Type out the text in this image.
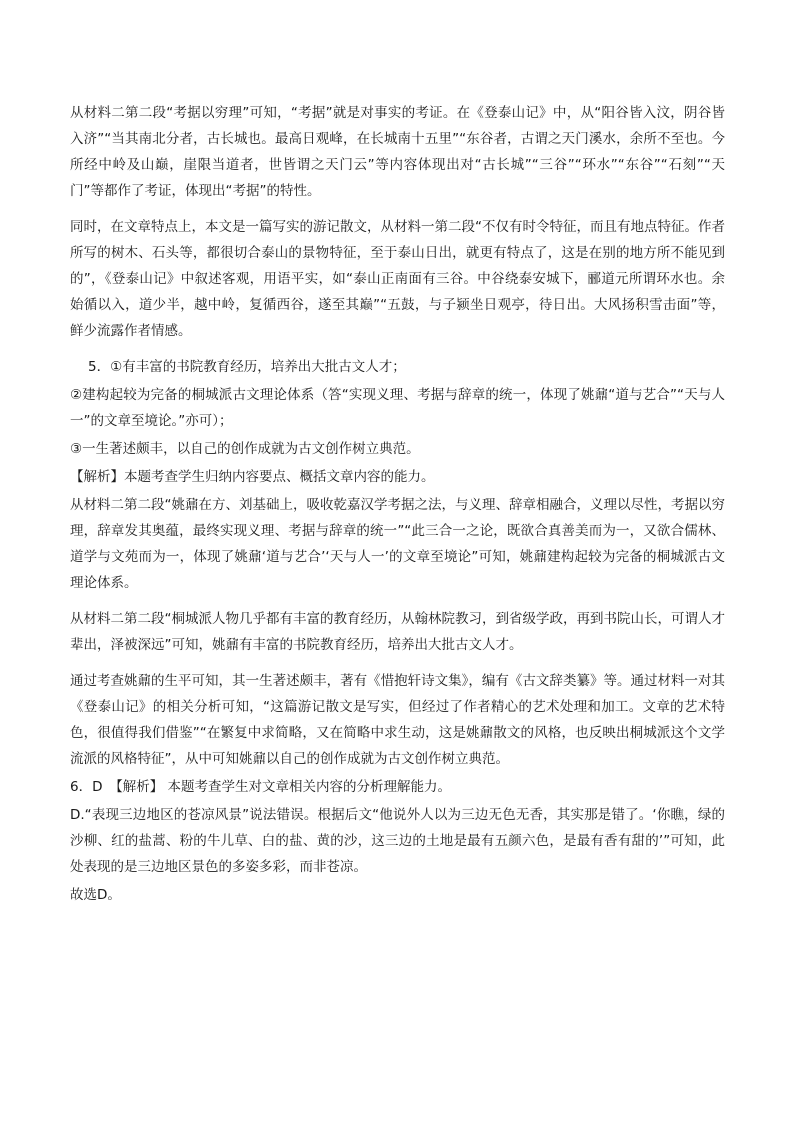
从材料二第二段“考据以穷理”可知，“考据”就是对事实的考证。在《登泰山记》中，从“阳谷皆入汶，阴谷皆入济”“当其南北分者，古长城也。最高日观峰，在长城南十五里”“东谷者，古谓之天门溪水，余所不至也。今所经中岭及山巅，崖限当道者，世皆谓之天门云”等内容体现出对“古长城”“三谷”“环水”“东谷”“石刻”“天门”等都作了考证，体现出“考据”的特性。

同时，在文章特点上，本文是一篇写实的游记散文，从材料一第二段“不仅有时令特征，而且有地点特征。作者所写的树木、石头等，都很切合泰山的景物特征，至于泰山日出，就更有特点了，这是在别的地方所不能见到的”，《登泰山记》中叙述客观，用语平实，如“泰山正南面有三谷。中谷绕泰安城下，郦道元所谓环水也。余始循以入，道少半，越中岭，复循西谷，遂至其巅”“五鼓，与子颍坐日观亭，待日出。大风扬积雪击面”等，鲜少流露作者情感。

5．①有丰富的书院教育经历，培养出大批古文人才；

②建构起较为完备的桐城派古文理论体系（答“实现义理、考据与辞章的统一，体现了姚鼐“道与艺合”“天与人一”的文章至境论。”亦可）；

③一生著述颇丰，以自己的创作成就为古文创作树立典范。

【解析】本题考查学生归纳内容要点、概括文章内容的能力。

从材料二第二段“姚鼐在方、刘基础上，吸收乾嘉汉学考据之法，与义理、辞章相融合，义理以尽性，考据以穷理，辞章发其奥蕴，最终实现义理、考据与辞章的统一”“此三合一之论，既欲合真善美而为一，又欲合儒林、道学与文苑而为一，体现了姚鼐‘道与艺合’‘天与人一’的文章至境论”可知，姚鼐建构起较为完备的桐城派古文理论体系。

从材料二第二段“桐城派人物几乎都有丰富的教育经历，从翰林院教习，到省级学政，再到书院山长，可谓人才辈出，泽被深远”可知，姚鼐有丰富的书院教育经历，培养出大批古文人才。

通过考查姚鼐的生平可知，其一生著述颇丰，著有《惜抱轩诗文集》，编有《古文辞类纂》等。通过材料一对其《登泰山记》的相关分析可知，“这篇游记散文是写实，但经过了作者精心的艺术处理和加工。文章的艺术特色，很值得我们借鉴”“在繁复中求简略，又在简略中求生动，这是姚鼐散文的风格，也反映出桐城派这个文学流派的风格特征”，从中可知姚鼐以自己的创作成就为古文创作树立典范。

6．D　【解析】 本题考查学生对文章相关内容的分析理解能力。

D.“表现三边地区的苍凉风景”说法错误。根据后文“他说外人以为三边无色无香，其实那是错了。‘你瞧，绿的沙柳、红的盐蒿、粉的牛儿草、白的盐、黄的沙，这三边的土地是最有五颜六色，是最有香有甜的’”可知，此处表现的是三边地区景色的多姿多彩，而非苍凉。

故选D。
